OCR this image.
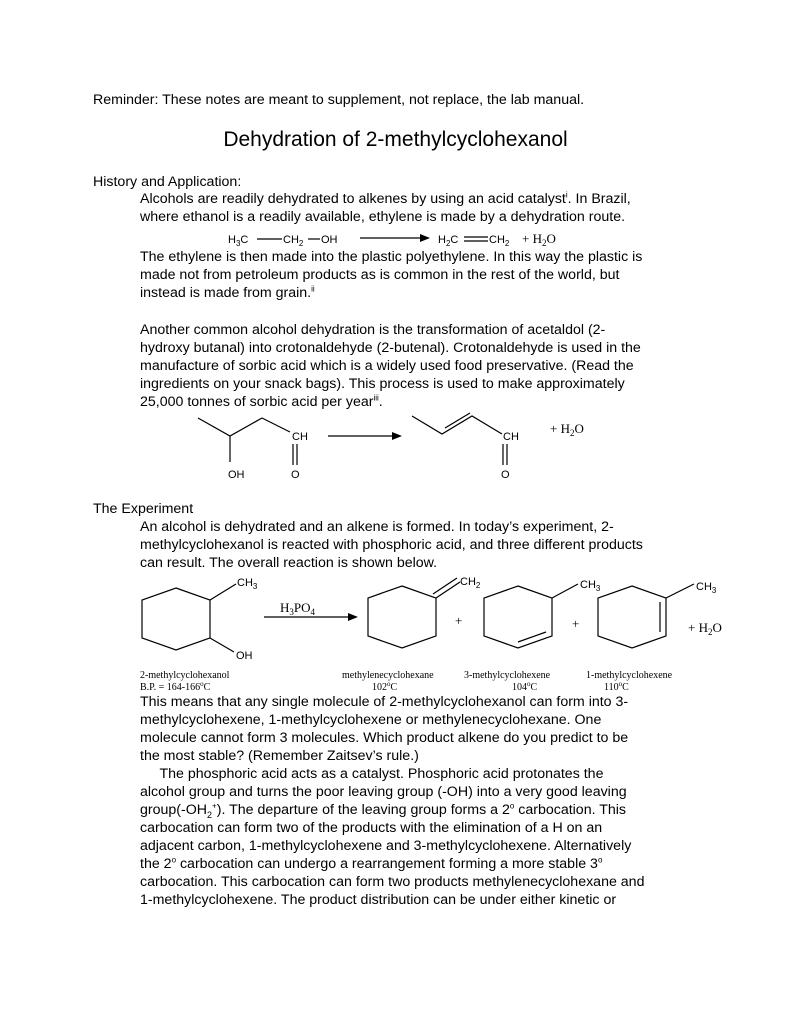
Reminder: These notes are meant to supplement, not replace, the lab manual.
Dehydration of 2-methylcyclohexanol
History and Application:
Alcohols are readily dehydrated to alkenes by using an acid catalyst$^i$. In Brazil,
where ethanol is a readily available, ethylene is made by a dehydration route.
$H_3C$	$CH_2$ OH	$H_2C$	$CH_2 + H_2O$
The ethylene is then made into the plastic polyethylene. In this way the plastic is
made not from petroleum products as is common in the rest of the world, but
instead is made from grain.$^{ii}$
Another common alcohol dehydration is the transformation of acetaldol (2-
hydroxy butanal) into crotonaldehyde (2-butenal). Crotonaldehyde is used in the
manufacture of sorbic acid which is a widely used food preservative. (Read the
ingredients on your snack bags). This process is used to make approximately
25,000 tonnes of sorbic acid per year$^{iii}$.
OH
CH
O
CH
O
+ $H_2O$
The Experiment
An alcohol is dehydrated and an alkene is formed. In today’s experiment, 2-
methylcyclohexanol is reacted with phosphoric acid, and three different products
can result. The overall reaction is shown below.
$CH_3$
OH
$H_3PO_4$
$CH_2$
+
$CH_3$
+
$CH_3$
+ $H_2O$
2-methylcyclohexanol
B.P. = $164-166^oC$
methylenecyclohexane
102$^o$C
3-methylcyclohexene
104$^o$C
1-methylcyclohexene
110$^o$C
This means that any single molecule of 2-methylcyclohexanol can form into 3-
methylcyclohexene, 1-methylcyclohexene or methylenecyclohexane. One
molecule cannot form 3 molecules. Which product alkene do you predict to be
the most stable? (Remember Zaitsev’s rule.)
The phosphoric acid acts as a catalyst. Phosphoric acid protonates the
alcohol group and turns the poor leaving group (-OH) into a very good leaving
$group(-OH_2^+)$. The departure of the leaving group forms a 2$^o$ carbocation. This
carbocation can form two of the products with the elimination of a H on an
adjacent carbon, 1-methylcyclohexene and 3-methylcyclohexene. Alternatively
the 2$^o$ carbocation can undergo a rearrangement forming a more stable 3$^o$
carbocation. This carbocation can form two products methylenecyclohexane and
1-methylcyclohexene. The product distribution can be under either kinetic or
